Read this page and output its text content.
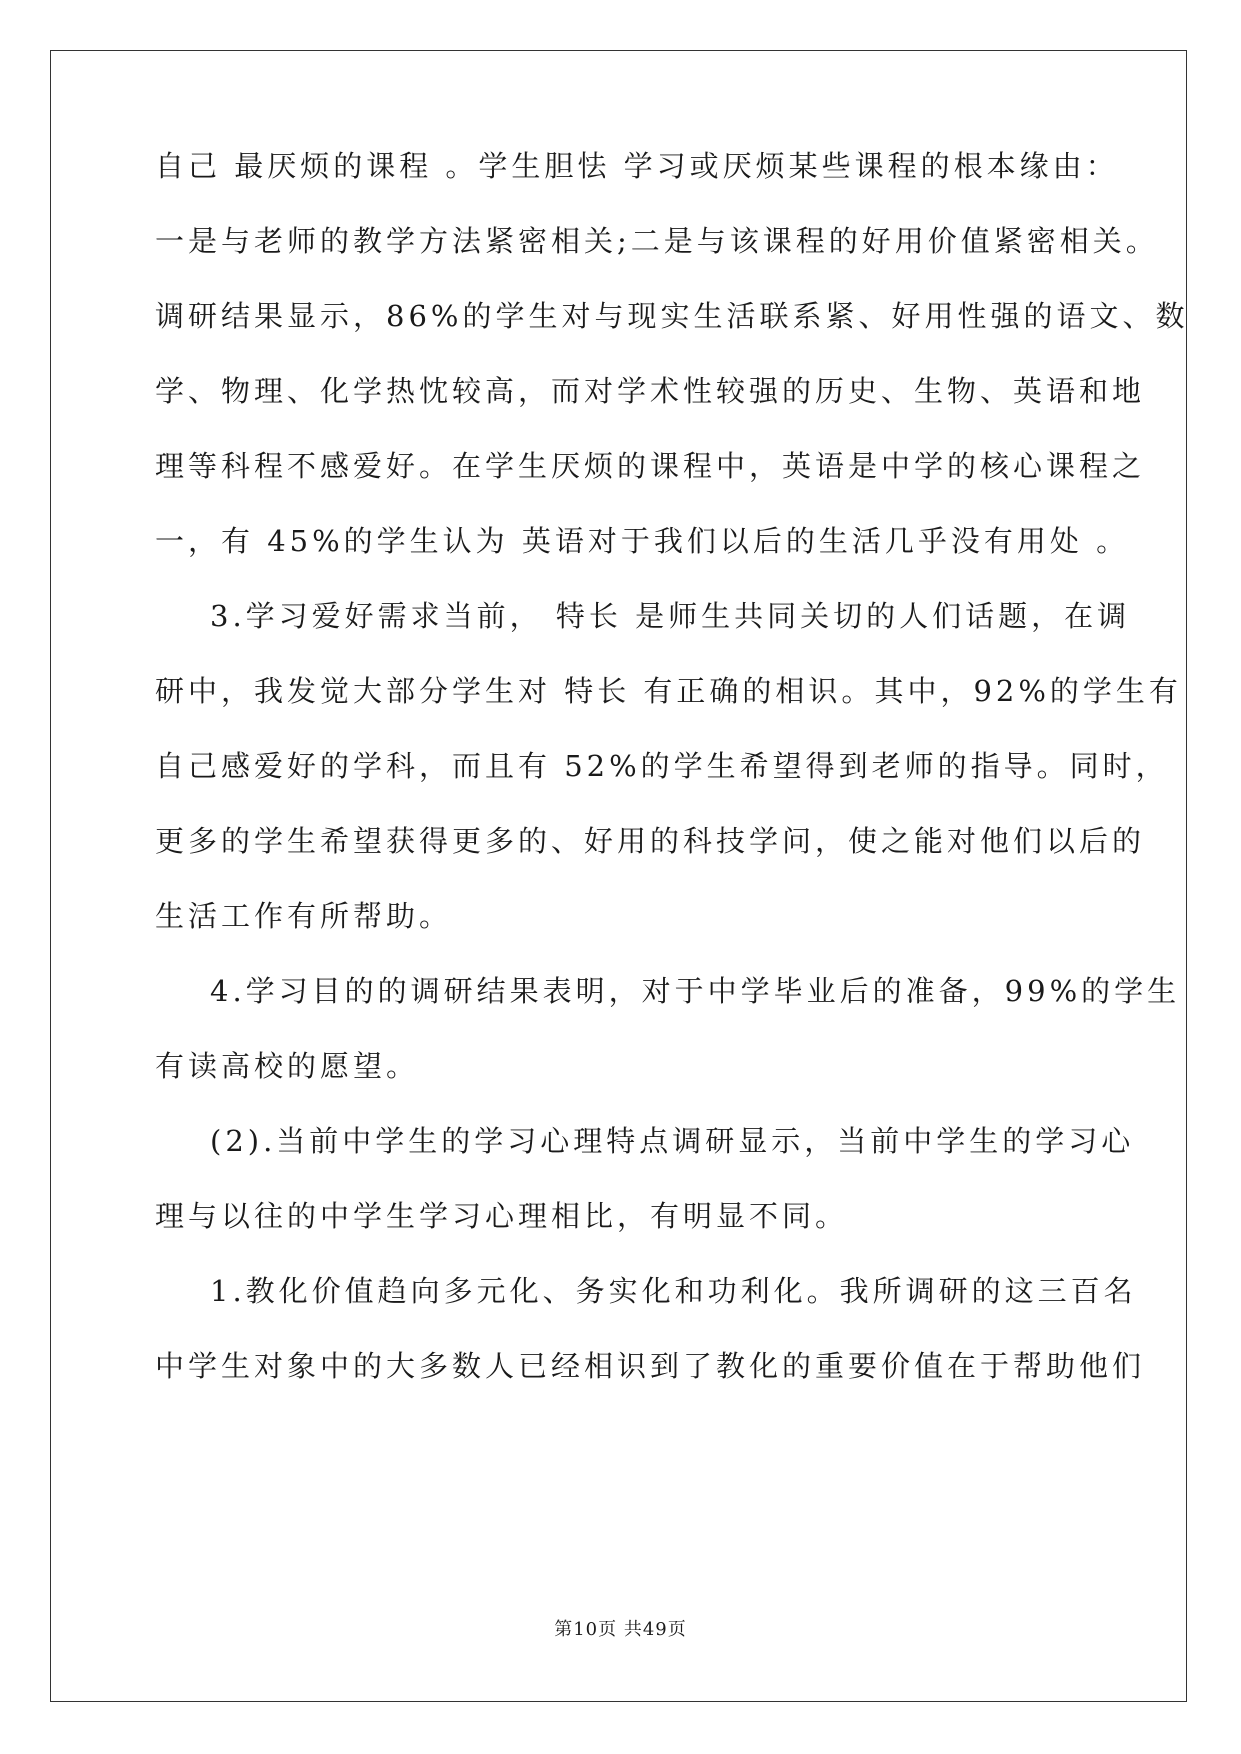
自己 最厌烦的课程 。学生胆怯 学习或厌烦某些课程的根本缘由：
一是与老师的教学方法紧密相关;二是与该课程的好用价值紧密相关。
调研结果显示，86%的学生对与现实生活联系紧、好用性强的语文、数
学、物理、化学热忱较高，而对学术性较强的历史、生物、英语和地
理等科程不感爱好。在学生厌烦的课程中，英语是中学的核心课程之
一，有 45%的学生认为 英语对于我们以后的生活几乎没有用处 。
3.学习爱好需求当前， 特长 是师生共同关切的人们话题，在调
研中，我发觉大部分学生对 特长 有正确的相识。其中，92%的学生有
自己感爱好的学科，而且有 52%的学生希望得到老师的指导。同时，
更多的学生希望获得更多的、好用的科技学问，使之能对他们以后的
生活工作有所帮助。
4.学习目的的调研结果表明，对于中学毕业后的准备，99%的学生
有读高校的愿望。
(2).当前中学生的学习心理特点调研显示，当前中学生的学习心
理与以往的中学生学习心理相比，有明显不同。
1.教化价值趋向多元化、务实化和功利化。我所调研的这三百名
中学生对象中的大多数人已经相识到了教化的重要价值在于帮助他们
第10页 共49页
